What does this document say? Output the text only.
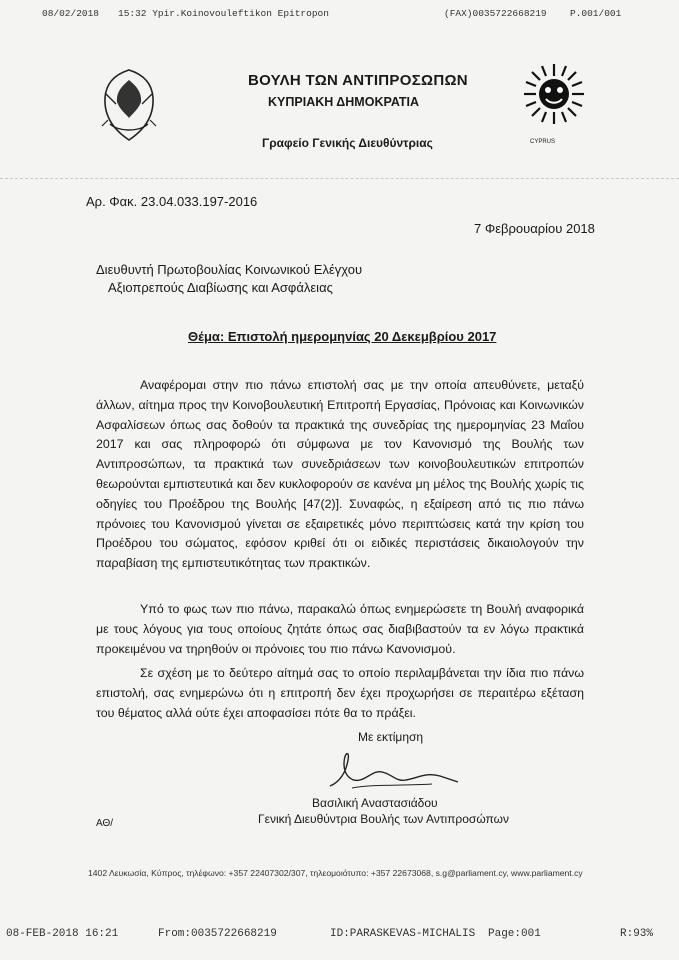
08/02/2018 15:32 Ypir.Koinovouleftikon Epitropon	(FAX)0035722668219 P.001/001
ΒΟΥΛΗ ΤΩΝ ΑΝΤΙΠΡΟΣΩΠΩΝ
ΚΥΠΡΙΑΚΗ ΔΗΜΟΚΡΑΤΙΑ
Γραφείο Γενικής Διευθύντριας	CYPRUS
Αρ. Φακ. 23.04.033.197-2016
7 Φεβρουαρίου 2018
Διευθυντή Πρωτοβουλίας Κοινωνικού Ελέγχου
Αξιοπρεπούς Διαβίωσης και Ασφάλειας
Θέμα: Επιστολή ημερομηνίας 20 Δεκεμβρίου 2017

Αναφέρομαι στην πιο πάνω επιστολή σας με την οποία απευθύνετε, μεταξύ άλλων, αίτημα προς την Κοινοβουλευτική Επιτροπή Εργασίας, Πρόνοιας και Κοινωνικών Ασφαλίσεων όπως σας δοθούν τα πρακτικά της συνεδρίας της ημερομηνίας 23 Μαΐου 2017 και σας πληροφορώ ότι σύμφωνα με τον Κανονισμό της Βουλής των Αντιπροσώπων, τα πρακτικά των συνεδριάσεων των κοινοβουλευτικών επιτροπών θεωρούνται εμπιστευτικά και δεν κυκλοφορούν σε κανένα μη μέλος της Βουλής χωρίς τις οδηγίες του Προέδρου της Βουλής [47(2)]. Συναφώς, η εξαίρεση από τις πιο πάνω πρόνοιες του Κανονισμού γίνεται σε εξαιρετικές μόνο περιπτώσεις κατά την κρίση του Προέδρου του σώματος, εφόσον κριθεί ότι οι ειδικές περιστάσεις δικαιολογούν την παραβίαση της εμπιστευτικότητας των πρακτικών.

Υπό το φως των πιο πάνω, παρακαλώ όπως ενημερώσετε τη Βουλή αναφορικά με τους λόγους για τους οποίους ζητάτε όπως σας διαβιβαστούν τα εν λόγω πρακτικά προκειμένου να τηρηθούν οι πρόνοιες του πιο πάνω Κανονισμού.

Σε σχέση με το δεύτερο αίτημά σας το οποίο περιλαμβάνεται την ίδια πιο πάνω επιστολή, σας ενημερώνω ότι η επιτροπή δεν έχει προχωρήσει σε περαιτέρω εξέταση του θέματος αλλά ούτε έχει αποφασίσει πότε θα το πράξει.

Με εκτίμηση
Βασιλική Αναστασιάδου
Γενική Διευθύντρια Βουλής των Αντιπροσώπων
ΑΘ/
1402 Λευκωσία, Κύπρος, τηλέφωνο: +357 22407302/307, τηλεομοιότυπο: +357 22673068, s.g@parliament.cy, www.parliament.cy
08-FEB-2018 16:21	From:0035722668219	ID:PARASKEVAS-MICHALIS Page:001	R:93%
